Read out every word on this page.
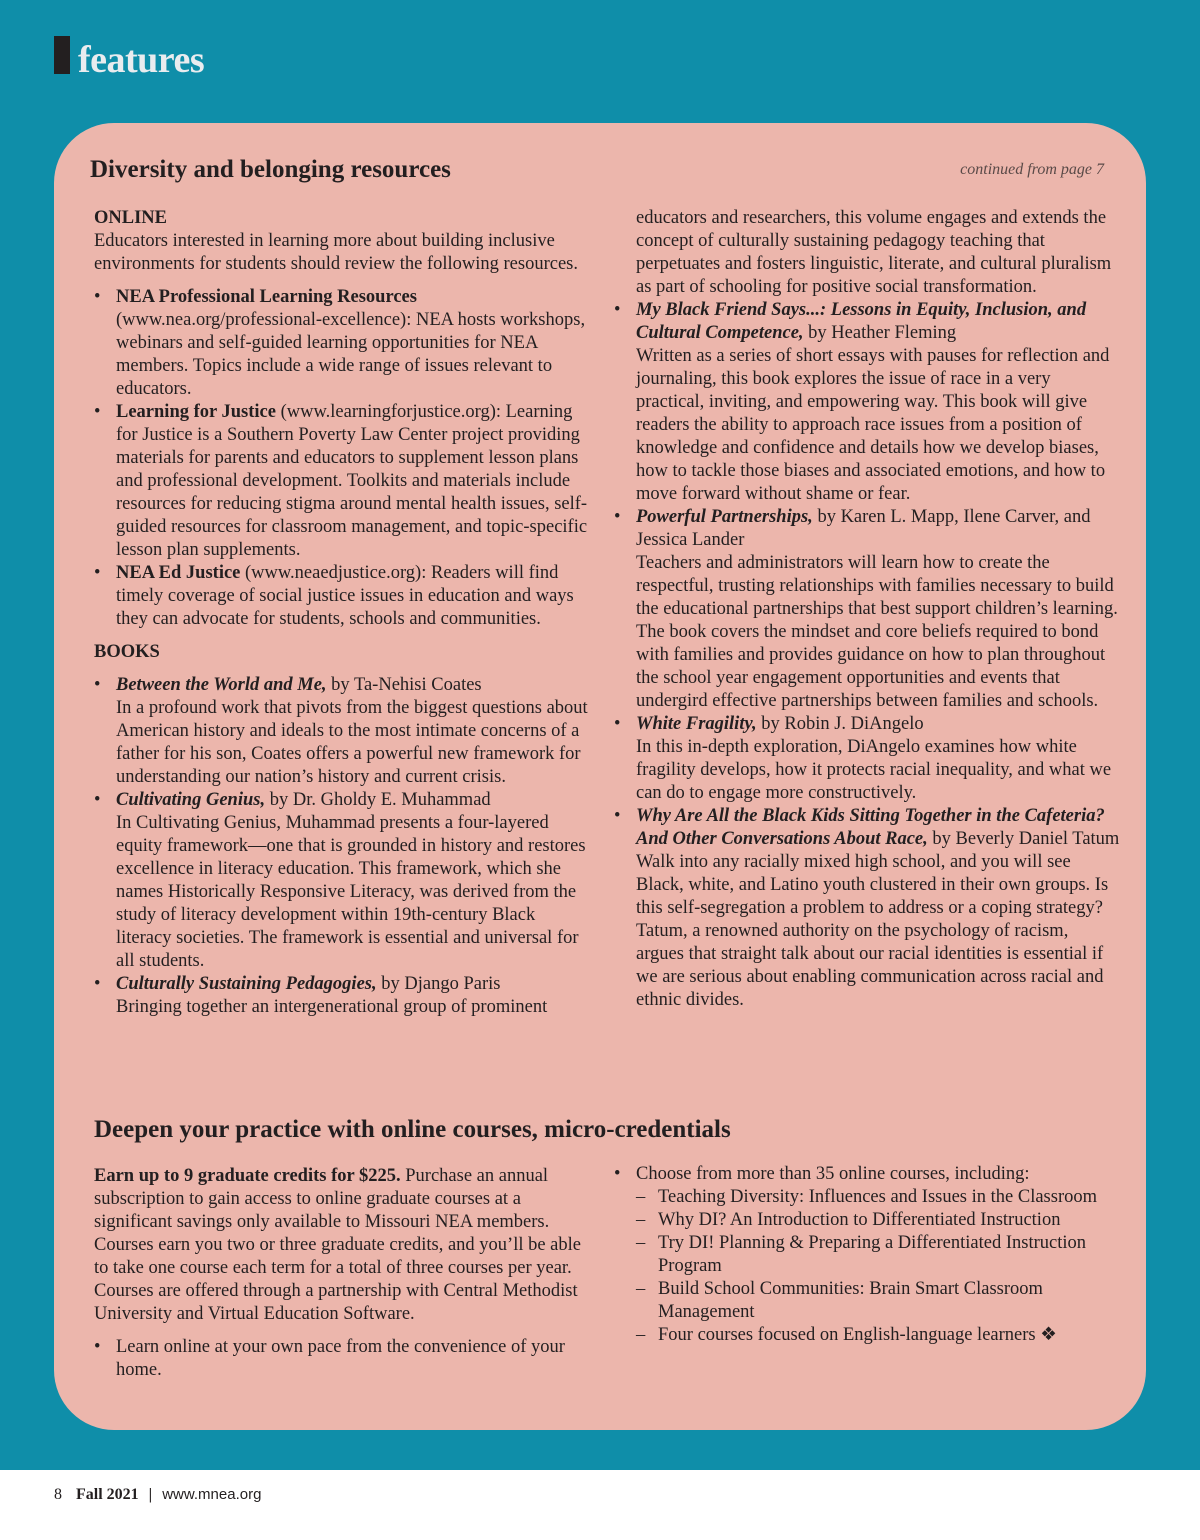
features
Diversity and belonging resources	continued from page 7

ONLINE

Educators interested in learning more about building inclusive environments for students should review the following resources.

• NEA Professional Learning Resources (www.nea.org/professional-excellence): NEA hosts workshops, webinars and self-guided learning opportunities for NEA members. Topics include a wide range of issues relevant to educators.
• Learning for Justice (www.learningforjustice.org): Learning for Justice is a Southern Poverty Law Center project providing materials for parents and educators to supplement lesson plans and professional development. Toolkits and materials include resources for reducing stigma around mental health issues, self-guided resources for classroom management, and topic-specific lesson plan supplements.
• NEA Ed Justice (www.neaedjustice.org): Readers will find timely coverage of social justice issues in education and ways they can advocate for students, schools and communities.

BOOKS

• Between the World and Me, by Ta-Nehisi Coates
In a profound work that pivots from the biggest questions about American history and ideals to the most intimate concerns of a father for his son, Coates offers a powerful new framework for understanding our nation’s history and current crisis.
• Cultivating Genius, by Dr. Gholdy E. Muhammad
In Cultivating Genius, Muhammad presents a four-layered equity framework—one that is grounded in history and restores excellence in literacy education. This framework, which she names Historically Responsive Literacy, was derived from the study of literacy development within 19th-century Black literacy societies. The framework is essential and universal for all students.
• Culturally Sustaining Pedagogies, by Django Paris
Bringing together an intergenerational group of prominent

educators and researchers, this volume engages and extends the concept of culturally sustaining pedagogy teaching that perpetuates and fosters linguistic, literate, and cultural pluralism as part of schooling for positive social transformation.

• My Black Friend Says...: Lessons in Equity, Inclusion, and Cultural Competence, by Heather Fleming
Written as a series of short essays with pauses for reflection and journaling, this book explores the issue of race in a very practical, inviting, and empowering way. This book will give readers the ability to approach race issues from a position of knowledge and confidence and details how we develop biases, how to tackle those biases and associated emotions, and how to move forward without shame or fear.
• Powerful Partnerships, by Karen L. Mapp, Ilene Carver, and Jessica Lander
Teachers and administrators will learn how to create the respectful, trusting relationships with families necessary to build the educational partnerships that best support children’s learning. The book covers the mindset and core beliefs required to bond with families and provides guidance on how to plan throughout the school year engagement opportunities and events that undergird effective partnerships between families and schools.
• White Fragility, by Robin J. DiAngelo
In this in-depth exploration, DiAngelo examines how white fragility develops, how it protects racial inequality, and what we can do to engage more constructively.
• Why Are All the Black Kids Sitting Together in the Cafeteria? And Other Conversations About Race, by Beverly Daniel Tatum
Walk into any racially mixed high school, and you will see Black, white, and Latino youth clustered in their own groups. Is this self-segregation a problem to address or a coping strategy? Tatum, a renowned authority on the psychology of racism, argues that straight talk about our racial identities is essential if we are serious about enabling communication across racial and ethnic divides.
Deepen your practice with online courses, micro-credentials

Earn up to 9 graduate credits for $225. Purchase an annual subscription to gain access to online graduate courses at a significant savings only available to Missouri NEA members. Courses earn you two or three graduate credits, and you’ll be able to take one course each term for a total of three courses per year. Courses are offered through a partnership with Central Methodist University and Virtual Education Software.

• Learn online at your own pace from the convenience of your home.
• Choose from more than 35 online courses, including:
– Teaching Diversity: Influences and Issues in the Classroom
– Why DI? An Introduction to Differentiated Instruction
– Try DI! Planning & Preparing a Differentiated Instruction Program
– Build School Communities: Brain Smart Classroom Management
– Four courses focused on English-language learners ❖
8 Fall 2021 | www.mnea.org
